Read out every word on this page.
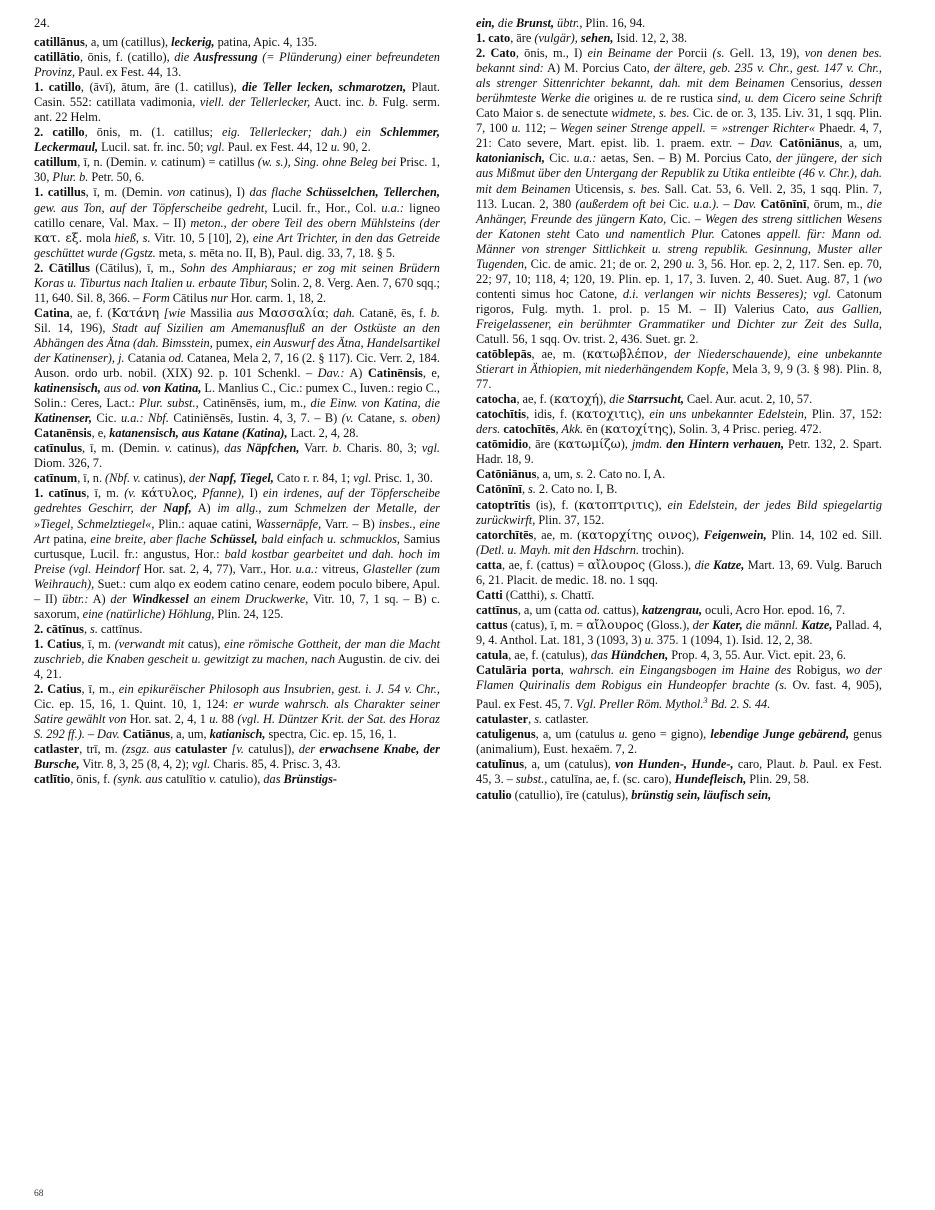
24.

catillānus, a, um (catillus), leckerig, patina, Apic. 4, 135.

catillātio, ōnis, f. (catillo), die Ausfressung (= Plünderung) einer befreundeten Provinz, Paul. ex Fest. 44, 13.

1. catillo, (āvī), ātum, āre (1. catillus), die Teller lecken, schmarotzen, Plaut. Casin. 552: catillata vadimonia, viell. der Tellerlecker, Auct. inc. b. Fulg. serm. ant. 22 Helm.

2. catillo, ōnis, m. (1. catillus; eig. Tellerlecker; dah.) ein Schlemmer, Leckermaul, Lucil. sat. fr. inc. 50; vgl. Paul. ex Fest. 44, 12 u. 90, 2.

catillum, ī, n. (Demin. v. catinum) = catillus (w. s.), Sing. ohne Beleg bei Prisc. 1, 30, Plur. b. Petr. 50, 6.

1. catillus, ī, m. (Demin. von catinus), I) das flache Schüsselchen, Tellerchen, gew. aus Ton, auf der Töpferscheibe gedreht, Lucil. fr., Hor., Col. u.a.: ligneo catillo cenare, Val. Max. – II) meton., der obere Teil des obern Mühlsteins (der κατ. εξ. mola hieß, s. Vitr. 10, 5 [10], 2), eine Art Trichter, in den das Getreide geschüttet wurde (Ggstz. meta, s. mēta no. II, B), Paul. dig. 33, 7, 18. § 5.

2. Cātillus (Cātilus), ī, m., Sohn des Amphiaraus; er zog mit seinen Brüdern Koras u. Tiburtus nach Italien u. erbaute Tibur, Solin. 2, 8. Verg. Aen. 7, 670 sqq.; 11, 640. Sil. 8, 366. – Form Cātilus nur Hor. carm. 1, 18, 2.

Catina, ae, f. (Κατάνη [wie Massilia aus Μασσαλία; dah. Catanē, ēs, f. b. Sil. 14, 196), Stadt auf Sizilien am Amemanusfluß an der Ostküste an den Abhängen des Ätna (dah. Bimsstein, pumex, ein Auswurf des Ätna, Handelsartikel der Katinenser), j. Catania od. Catanea, Mela 2, 7, 16 (2. § 117). Cic. Verr. 2, 184. Auson. ordo urb. nobil. (XIX) 92. p. 101 Schenkl. – Dav.: A) Catinēnsis, e, katinensisch, aus od. von Katina, L. Manlius C., Cic.: pumex C., Iuven.: regio C., Solin.: Ceres, Lact.: Plur. subst., Catinēnsēs, ium, m., die Einw. von Katina, die Katinenser, Cic. u.a.: Nbf. Catiniēnsēs, Iustin. 4, 3, 7. – B) (v. Catane, s. oben) Catanēnsis, e, katanensisch, aus Katane (Katina), Lact. 2, 4, 28.

catīnulus, ī, m. (Demin. v. catinus), das Näpfchen, Varr. b. Charis. 80, 3; vgl. Diom. 326, 7.

catīnum, ī, n. (Nbf. v. catinus), der Napf, Tiegel, Cato r. r. 84, 1; vgl. Prisc. 1, 30.

1. catīnus, ī, m. (v. κάτυλος, Pfanne), I) ein irdenes, auf der Töpferscheibe gedrehtes Geschirr, der Napf, A) im allg., zum Schmelzen der Metalle, der »Tiegel, Schmelztiegel«, Plin.: aquae catini, Wassernäpfe, Varr. – B) insbes., eine Art patina, eine breite, aber flache Schüssel, bald einfach u. schmucklos, Samius curtusque, Lucil. fr.: angustus, Hor.: bald kostbar gearbeitet und dah. hoch im Preise (vgl. Heindorf Hor. sat. 2, 4, 77), Varr., Hor. u.a.: vitreus, Glasteller (zum Weihrauch), Suet.: cum alqo ex eodem catino cenare, eodem poculo bibere, Apul. – II) übtr.: A) der Windkessel an einem Druckwerke, Vitr. 10, 7, 1 sq. – B) c. saxorum, eine (natürliche) Höhlung, Plin. 24, 125.

2. cātīnus, s. cattīnus.

1. Catius, ī, m. (verwandt mit catus), eine römische Gottheit, der man die Macht zuschrieb, die Knaben gescheit u. gewitzigt zu machen, nach Augustin. de civ. dei 4, 21.

2. Catius, ī, m., ein epikurëischer Philosoph aus Insubrien, gest. i. J. 54 v. Chr., Cic. ep. 15, 16, 1. Quint. 10, 1, 124: er wurde wahrsch. als Charakter seiner Satire gewählt von Hor. sat. 2, 4, 1 u. 88 (vgl. H. Düntzer Krit. der Sat. des Horaz S. 292 ff.). – Dav. Catiānus, a, um, katianisch, spectra, Cic. ep. 15, 16, 1.

catlaster, trī, m. (zsgz. aus catulaster [v. catulus]), der erwachsene Knabe, der Bursche, Vitr. 8, 3, 25 (8, 4, 2); vgl. Charis. 85, 4. Prisc. 3, 43.

catlītio, ōnis, f. (synk. aus catulītio v. catulio), das Brünstigs-

ein, die Brunst, übtr., Plin. 16, 94.

1. cato, āre (vulgär), sehen, Isid. 12, 2, 38.

2. Cato, ōnis, m., I) ein Beiname der Porcii (s. Gell. 13, 19), von denen bes. bekannt sind: A) M. Porcius Cato, der ältere, geb. 235 v. Chr., gest. 147 v. Chr., als strenger Sittenrichter bekannt, dah. mit dem Beinamen Censorius, dessen berühmteste Werke die origines u. de re rustica sind, u. dem Cicero seine Schrift Cato Maior s. de senectute widmete, s. bes. Cic. de or. 3, 135. Liv. 31, 1 sqq. Plin. 7, 100 u. 112; – Wegen seiner Strenge appell. = »strenger Richter« Phaedr. 4, 7, 21: Cato severe, Mart. epist. lib. 1. praem. extr. – Dav. Catōniānus, a, um, katonianisch, Cic. u.a.: aetas, Sen. – B) M. Porcius Cato, der jüngere, der sich aus Mißmut über den Untergang der Republik zu Utika entleibte (46 v. Chr.), dah. mit dem Beinamen Uticensis, s. bes. Sall. Cat. 53, 6. Vell. 2, 35, 1 sqq. Plin. 7, 113. Lucan. 2, 380 (außerdem oft bei Cic. u.a.). – Dav. Catōnīnī, ōrum, m., die Anhänger, Freunde des jüngern Kato, Cic. – Wegen des streng sittlichen Wesens der Katonen steht Cato und namentlich Plur. Catones appell. für: Mann od. Männer von strenger Sittlichkeit u. streng republik. Gesinnung, Muster aller Tugenden, Cic. de amic. 21; de or. 2, 290 u. 3, 56. Hor. ep. 2, 2, 117. Sen. ep. 70, 22; 97, 10; 118, 4; 120, 19. Plin. ep. 1, 17, 3. Iuven. 2, 40. Suet. Aug. 87, 1 (wo contenti simus hoc Catone, d.i. verlangen wir nichts Besseres); vgl. Catonum rigoros, Fulg. myth. 1. prol. p. 15 M. – II) Valerius Cato, aus Gallien, Freigelassener, ein berühmter Grammatiker und Dichter zur Zeit des Sulla, Catull. 56, 1 sqq. Ov. trist. 2, 436. Suet. gr. 2.

catōblepās, ae, m. (κατωβλέπον, der Niederschauende), eine unbekannte Stierart in Äthiopien, mit niederhängendem Kopfe, Mela 3, 9, 9 (3. § 98). Plin. 8, 77.

catocha, ae, f. (κατοχή), die Starrsucht, Cael. Aur. acut. 2, 10, 57.

catochītis, idis, f. (κατοχιτις), ein uns unbekannter Edelstein, Plin. 37, 152: ders. catochītēs, Akk. ēn (κατοχίτης), Solin. 3, 4 Prisc. perieg. 472.

catōmidio, āre (κατωμίζω), jmdm. den Hintern verhauen, Petr. 132, 2. Spart. Hadr. 18, 9.

Catōniānus, a, um, s. 2. Cato no. I, A.

Catōnīnī, s. 2. Cato no. I, B.

catoptrītis (is), f. (κατοπτριτις), ein Edelstein, der jedes Bild spiegelartig zurückwirft, Plin. 37, 152.

catorchītēs, ae, m. (κατορχίτης οινος), Feigenwein, Plin. 14, 102 ed. Sill. (Detl. u. Mayh. mit den Hdschrn. trochin).

catta, ae, f. (cattus) = αἴλουρος (Gloss.), die Katze, Mart. 13, 69. Vulg. Baruch 6, 21. Placit. de medic. 18. no. 1 sqq.

Catti (Catthi), s. Chattī.

cattīnus, a, um (catta od. cattus), katzengrau, oculi, Acro Hor. epod. 16, 7.

cattus (catus), ī, m. = αἴλουρος (Gloss.), der Kater, die männl. Katze, Pallad. 4, 9, 4. Anthol. Lat. 181, 3 (1093, 3) u. 375. 1 (1094, 1). Isid. 12, 2, 38.

catula, ae, f. (catulus), das Hündchen, Prop. 4, 3, 55. Aur. Vict. epit. 23, 6.

Catulāria porta, wahrsch. ein Eingangsbogen im Haine des Robigus, wo der Flamen Quirinalis dem Robigus ein Hundeopfer brachte (s. Ov. fast. 4, 905), Paul. ex Fest. 45, 7. Vgl. Preller Röm. Mythol.$^3$ Bd. 2. S. 44.

catulaster, s. catlaster.

catuligenus, a, um (catulus u. geno = gigno), lebendige Junge gebärend, genus (animalium), Eust. hexaëm. 7, 2.

catulīnus, a, um (catulus), von Hunden-, Hunde-, caro, Plaut. b. Paul. ex Fest. 45, 3. – subst., catulīna, ae, f. (sc. caro), Hundefleisch, Plin. 29, 58.

catulio (catullio), īre (catulus), brünstig sein, läufisch sein,

68
